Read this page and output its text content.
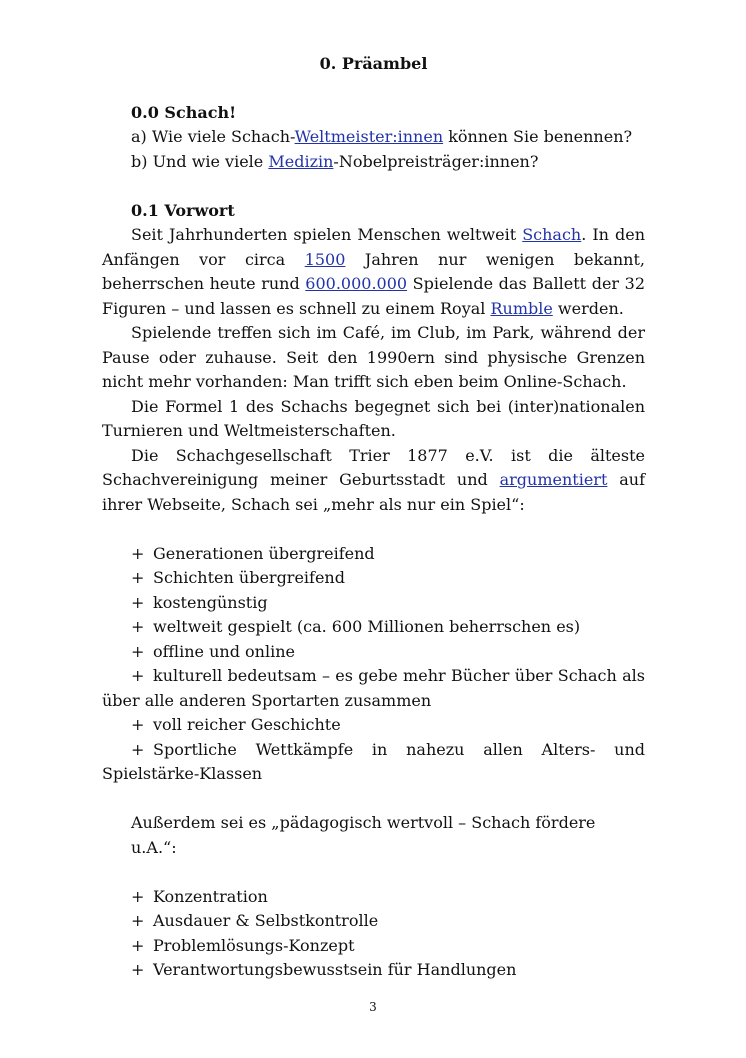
0. Präambel
0.0 Schach!
a) Wie viele Schach-Weltmeister:innen können Sie benennen?
b) Und wie viele Medizin-Nobelpreisträger:innen?
0.1 Vorwort

Seit Jahrhunderten spielen Menschen weltweit Schach. In den Anfängen vor circa 1500 Jahren nur wenigen bekannt, beherrschen heute rund 600.000.000 Spielende das Ballett der 32 Figuren – und lassen es schnell zu einem Royal Rumble werden.

Spielende treffen sich im Café, im Club, im Park, während der Pause oder zuhause. Seit den 1990ern sind physische Grenzen nicht mehr vorhanden: Man trifft sich eben beim Online-Schach.

Die Formel 1 des Schachs begegnet sich bei (inter)nationalen Turnieren und Weltmeisterschaften.

Die Schachgesellschaft Trier 1877 e.V. ist die älteste Schachvereinigung meiner Geburtsstadt und argumentiert auf ihrer Webseite, Schach sei „mehr als nur ein Spiel“:

+ Generationen übergreifend
+ Schichten übergreifend
+ kostengünstig
+ weltweit gespielt (ca. 600 Millionen beherrschen es)
+ offline und online
+ kulturell bedeutsam – es gebe mehr Bücher über Schach als über alle anderen Sportarten zusammen
+ voll reicher Geschichte
+ Sportliche Wettkämpfe in nahezu allen Alters- und Spielstärke-Klassen
Außerdem sei es „pädagogisch wertvoll – Schach fördere u.A.“:
+ Konzentration
+ Ausdauer & Selbstkontrolle
+ Problemlösungs-Konzept
+ Verantwortungsbewusstsein für Handlungen
3
